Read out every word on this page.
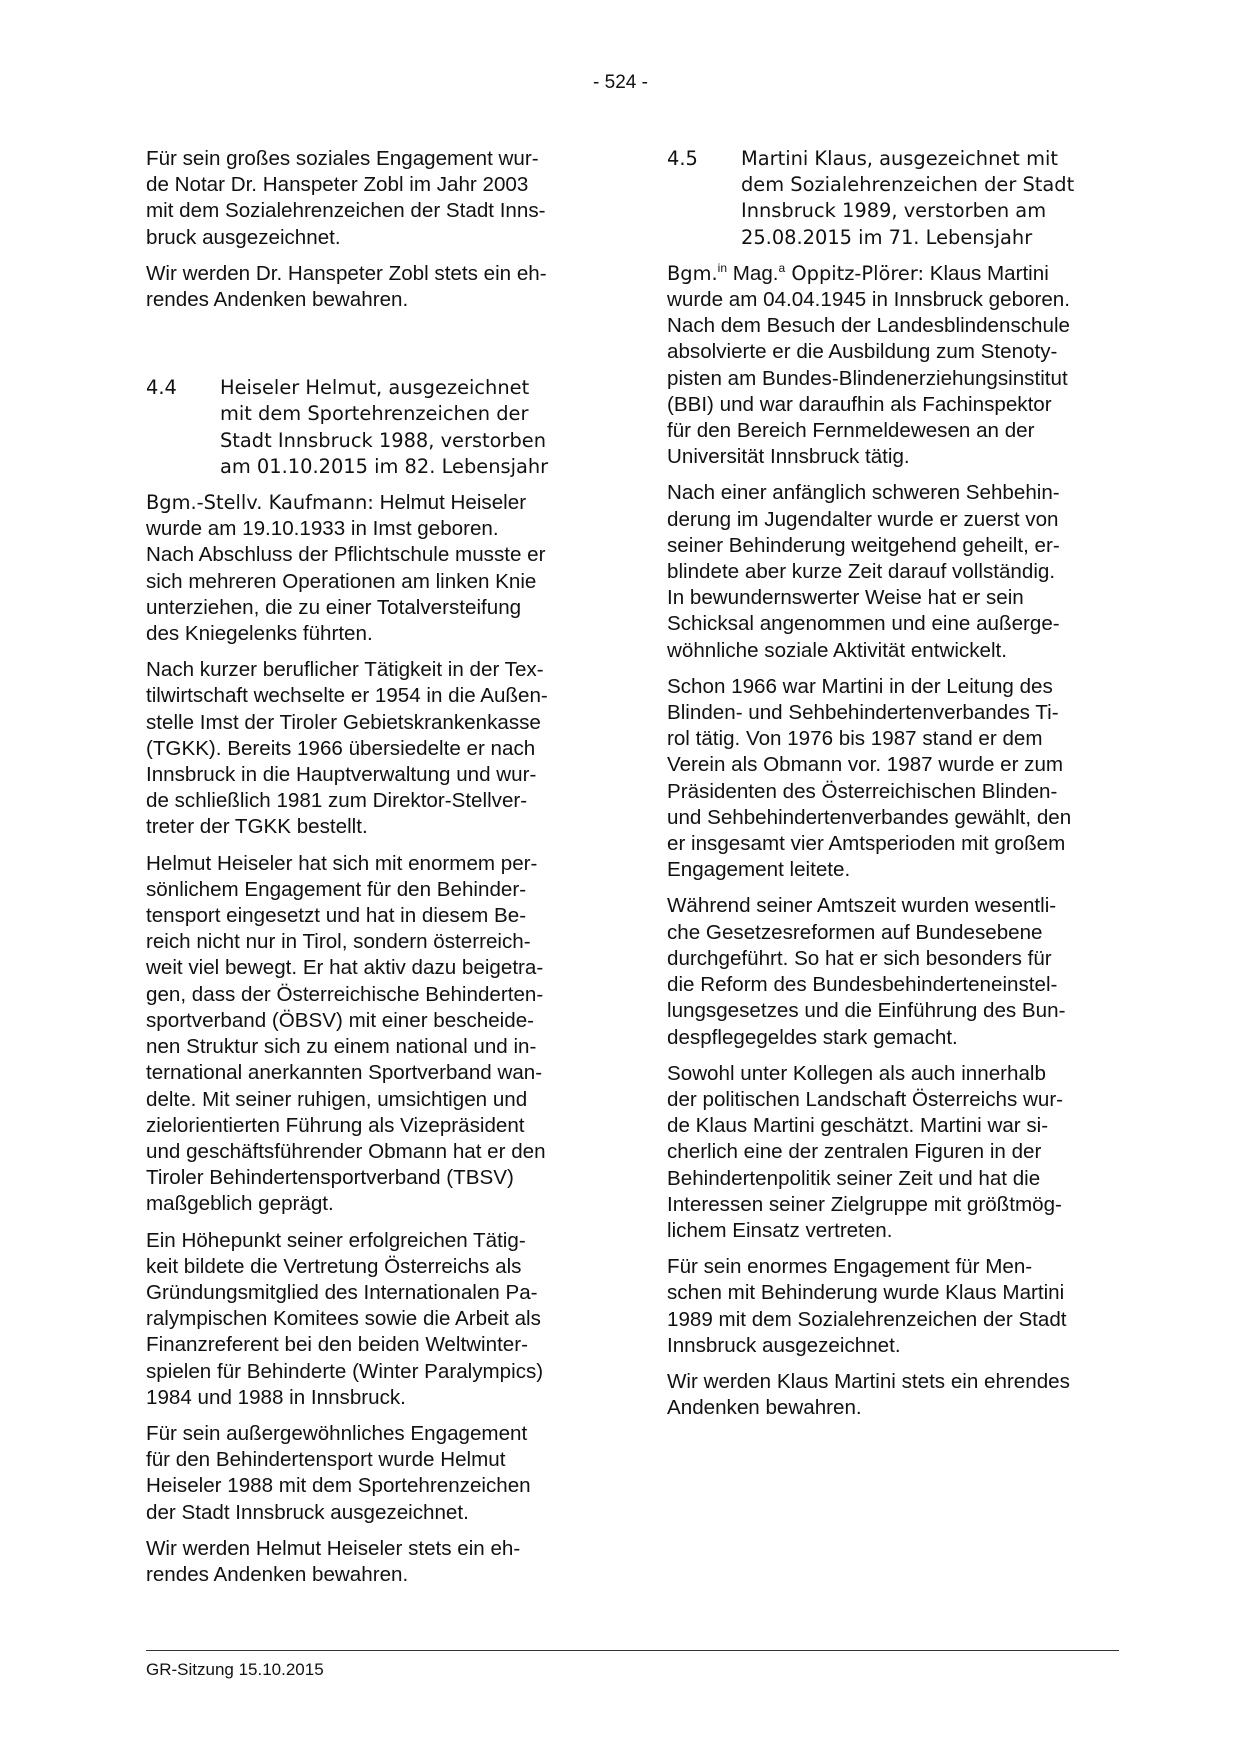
- 524 -
Für sein großes soziales Engagement wur-
de Notar Dr. Hanspeter Zobl im Jahr 2003
mit dem Sozialehrenzeichen der Stadt Inns-
bruck ausgezeichnet.
Wir werden Dr. Hanspeter Zobl stets ein eh-
rendes Andenken bewahren.
4.4	Heiseler Helmut, ausgezeichnet
mit dem Sportehrenzeichen der
Stadt Innsbruck 1988, verstorben
am 01.10.2015 im 82. Lebensjahr
Bgm.-Stellv. Kaufmann: Helmut Heiseler
wurde am 19.10.1933 in Imst geboren.
Nach Abschluss der Pflichtschule musste er
sich mehreren Operationen am linken Knie
unterziehen, die zu einer Totalversteifung
des Kniegelenks führten.
Nach kurzer beruflicher Tätigkeit in der Tex-
tilwirtschaft wechselte er 1954 in die Außen-
stelle Imst der Tiroler Gebietskrankenkasse
(TGKK). Bereits 1966 übersiedelte er nach
Innsbruck in die Hauptverwaltung und wur-
de schließlich 1981 zum Direktor-Stellver-
treter der TGKK bestellt.
Helmut Heiseler hat sich mit enormem per-
sönlichem Engagement für den Behinder-
tensport eingesetzt und hat in diesem Be-
reich nicht nur in Tirol, sondern österreich-
weit viel bewegt. Er hat aktiv dazu beigetra-
gen, dass der Österreichische Behinderten-
sportverband (ÖBSV) mit einer bescheide-
nen Struktur sich zu einem national und in-
ternational anerkannten Sportverband wan-
delte. Mit seiner ruhigen, umsichtigen und
zielorientierten Führung als Vizepräsident
und geschäftsführender Obmann hat er den
Tiroler Behindertensportverband (TBSV)
maßgeblich geprägt.
Ein Höhepunkt seiner erfolgreichen Tätig-
keit bildete die Vertretung Österreichs als
Gründungsmitglied des Internationalen Pa-
ralympischen Komitees sowie die Arbeit als
Finanzreferent bei den beiden Weltwinter-
spielen für Behinderte (Winter Paralympics)
1984 und 1988 in Innsbruck.
Für sein außergewöhnliches Engagement
für den Behindertensport wurde Helmut
Heiseler 1988 mit dem Sportehrenzeichen
der Stadt Innsbruck ausgezeichnet.
Wir werden Helmut Heiseler stets ein eh-
rendes Andenken bewahren.
4.5	Martini Klaus, ausgezeichnet mit
dem Sozialehrenzeichen der Stadt
Innsbruck 1989, verstorben am
25.08.2015 im 71. Lebensjahr
Bgm.$^{in}$ Mag.$^a$ Oppitz-Plörer: Klaus Martini
wurde am 04.04.1945 in Innsbruck geboren.
Nach dem Besuch der Landesblindenschule
absolvierte er die Ausbildung zum Stenoty-
pisten am Bundes-Blindenerziehungsinstitut
(BBI) und war daraufhin als Fachinspektor
für den Bereich Fernmeldewesen an der
Universität Innsbruck tätig.
Nach einer anfänglich schweren Sehbehin-
derung im Jugendalter wurde er zuerst von
seiner Behinderung weitgehend geheilt, er-
blindete aber kurze Zeit darauf vollständig.
In bewundernswerter Weise hat er sein
Schicksal angenommen und eine außerge-
wöhnliche soziale Aktivität entwickelt.
Schon 1966 war Martini in der Leitung des
Blinden- und Sehbehindertenverbandes Ti-
rol tätig. Von 1976 bis 1987 stand er dem
Verein als Obmann vor. 1987 wurde er zum
Präsidenten des Österreichischen Blinden-
und Sehbehindertenverbandes gewählt, den
er insgesamt vier Amtsperioden mit großem
Engagement leitete.
Während seiner Amtszeit wurden wesentli-
che Gesetzesreformen auf Bundesebene
durchgeführt. So hat er sich besonders für
die Reform des Bundesbehinderteneinstel-
lungsgesetzes und die Einführung des Bun-
despflegegeldes stark gemacht.
Sowohl unter Kollegen als auch innerhalb
der politischen Landschaft Österreichs wur-
de Klaus Martini geschätzt. Martini war si-
cherlich eine der zentralen Figuren in der
Behindertenpolitik seiner Zeit und hat die
Interessen seiner Zielgruppe mit größtmög-
lichem Einsatz vertreten.
Für sein enormes Engagement für Men-
schen mit Behinderung wurde Klaus Martini
1989 mit dem Sozialehrenzeichen der Stadt
Innsbruck ausgezeichnet.
Wir werden Klaus Martini stets ein ehrendes
Andenken bewahren.
GR-Sitzung 15.10.2015
